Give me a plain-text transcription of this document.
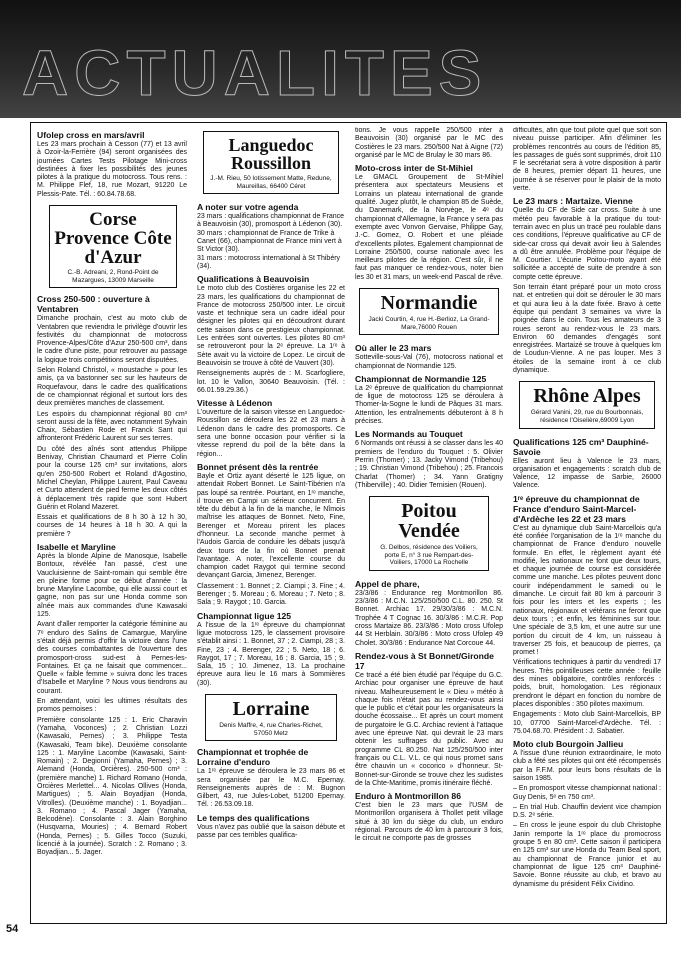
ACTUALITES
Ufolep cross en mars/avril

Les 23 mars prochain à Cesson (77) et 13 avril à Ozoir-la-Ferrière (94) seront organisées des journées Cartes Tests Pilotage Mini-cross destinées à fixer les possibilités des jeunes pilotes à la pratique du motocross. Tous rens. : M. Philippe Flef, 18, rue Mozart, 91220 Le Plessis-Pate. Tél. : 60.84.78.68.

Corse Provence Côte d'Azur
C.-B. Adreani, 2, Rond-Point de Mazargues, 13009 Marseille
Cross 250-500 : ouverture à Ventabren

Dimanche prochain, c'est au moto club de Ventabren que reviendra le privilège d'ouvrir les festivités du championnat de motocross Provence-Alpes/Côte d'Azur 250-500 cm³, dans le cadre d'une piste, pour retrouver au passage la logique trois compétitions seront disputées.

Selon Roland Christol, « moustache » pour les amis, ça va bastonner sec sur les hauteurs de Roquefavour, dans le cadre des qualifications de ce championnat régional et surtout lors des deux premières manches de classement.

Les espoirs du championnat régional 80 cm³ seront aussi de la fête, avec notamment Sylvain Chaix, Sébastien Rode et Franck Sant qui affronteront Frédéric Laurent sur ses terres.

Du côté des aînés sont attendus Philippe Benivay, Christian Chaumard et Pierre Colin pour la course 125 cm³ sur invitations, alors qu'en 250-500 Robert et Roland d'Agostino, Michel Cheylan, Philippe Laurent, Paul Caveau et Curto attendent de pied ferme les deux côtés à déplacement très rapide que sont Hubert Guérin et Roland Mazeret.

Essais et qualifications de 8 h 30 à 12 h 30, courses de 14 heures à 18 h 30. A qui la première ?

Isabelle et Maryline

Après la blonde Alpine de Manosque, Isabelle Bontoux, révélée l'an passé, c'est une Vaucluisienne de Saint-romain qui semble être en pleine forme pour ce début d'année : la brune Maryline Lacombe, qui elle aussi court et gagne, non pas sur une Honda comme son aînée mais aux commandes d'une Kawasaki 125.

Avant d'aller remporter la catégorie féminine au 7ᵉ enduro des Salins de Camargue, Maryline s'était déjà permis d'offrir la victoire dans l'une des courses combattantes de l'ouverture des promosport-cross sud-est à Pernes-les-Fontaines. Et ça ne faisait que commencer... Quelle « faible femme » suivra donc les traces d'Isabelle et Maryline ? Nous vous tiendrons au courant.

En attendant, voici les ultimes résultats des promos pernoises :

Première consolante 125 : 1. Eric Charavin (Yamaha, Voconces) ; 2. Christian Lozzi (Kawasaki, Pernes) ; 3. Philippe Testa (Kawasaki, Team bike). Deuxième consolante 125 : 1. Maryline Lacombe (Kawasaki, Saint-Romain) ; 2. Degionni (Yamaha, Pernes) ; 3. Alemand (Honda, Orcières). 250-500 cm³ : (première manche) 1. Richard Romano (Honda, Orcières Merlettel... 4. Nicolas Ollives (Honda, Martigues) ; 5. Alain Boyadjian (Honda, Vitrolles). (Deuxième manche) : 1. Boyadjian... 3. Romano ; 4. Pascal Jager (Yamaha, Belcodène). Consolante : 3. Alain Borghino (Husqvarna, Mouries) ; 4. Bernard Robert (Honda, Pernes) ; 5. Gilles Tocco (Suzuki, licencié à la journée). Scratch : 2. Romano ; 3. Boyadjian... 5. Jager.

Languedoc Roussillon
J.-M. Rieu, 50 lotissement Matte, Redune, Maureillas, 66400 Céret
A noter sur votre agenda

23 mars : qualifications championnat de France à Beauvoisin (30), promosport à Lédenon (30).
30 mars : championnat de France de Trike à Canet (66), championnat de France mini vert à St Victor (30).
31 mars : motocross international à St Thibéry (34).

Qualifications à Beauvoisin

Le moto club des Costières organise les 22 et 23 mars, les qualifications du championnat de France de motocross 250/500 inter. Le circuit vaste et technique sera un cadre idéal pour désigner les pilotes qui en découdront durant cette saison dans ce prestigieux championnat. Les entrées sont ouvertes. Les pilotes 80 cm³ se retrouveront pour la 2ᵉ épreuve. La 1ʳᵉ à Sète avait vu la victoire de Lopez. Le circuit de Beauvoisin se trouve à côté de Vauvert (30).

Renseignements auprès de : M. Scarfogliere, lot. 10 le Vallon, 30640 Beauvoisin. (Tél. : 66.01.59.29.36.)

Vitesse à Lédenon

L'ouverture de la saison vitesse en Languedoc-Roussillon se déroulera les 22 et 23 mars à Lédenon dans le cadre des promosports. Ce sera une bonne occasion pour vérifier si la vitesse reprend du poil de la bête dans la région...

Bonnet présent dès la rentrée

Bayle et Ortiz ayant déserté le 125 ligue, on attendait Robert Bonnet. Le Saint-Tibérien n'a pas loupé sa rentrée. Pourtant, en 1ʳᵉ manche, il trouve en Campi un sérieux concurrent. En tête du début à la fin de la manche, le Nîmois maîtrise les attaques de Bonnet. Neto, Fine, Berenger et Moreau prirent les places d'honneur. La seconde manche permet à l'Audois Garcia de conduire les débats jusqu'à deux tours de la fin où Bonnet prenait l'avantage. A noter, l'excellente course du champion cadet Raygot qui termine second devançant Garcia, Jimenez, Berenger.

Classement : 1. Bonnet ; 2. Ciampi ; 3. Fine ; 4. Berenger ; 5. Moreau ; 6. Moreau ; 7. Neto ; 8. Sala ; 9. Raygot ; 10. Garcia.

Championnat ligue 125

A l'issue de la 1ʳᵉ épreuve du championnat ligue motocross 125, le classement provisoire s'établit ainsi : 1. Bonnet, 37 ; 2. Ciampi, 28 ; 3. Fine, 23 ; 4. Berenger, 22 ; 5. Neto, 18 ; 6. Raygot, 17 ; 7. Moreau, 16 ; 8. Garcia, 15 ; 9. Sala, 15 ; 10. Jimenez, 13. La prochaine épreuve aura lieu le 16 mars à Sommières (30).

Lorraine
Denis Maffre, 4, rue Charles-Richet, 57050 Metz
Championnat et trophée de Lorraine d'enduro

La 1ʳᵉ épreuve se déroulera le 23 mars 86 et sera organisée par le M.C. Epernay. Renseignements auprès de : M. Bugnon Gilbert, 43, rue Jules-Lobet, 51200 Epernay. Tél. : 26.53.09.18.

Le temps des qualifications

Vous n'avez pas oublié que la saison débute et passe par ces terribles qualifica-

tions. Je vous rappelle 250/500 inter à Beauvoisin (30) organisé par le MC des Costières le 23 mars. 250/500 Nat à Aigne (72) organisé par le MC de Brulay le 30 mars 86.

Moto-cross inter de St-Mihiel

Le GMACL Groupement de St-Mihiel présentera aux spectateurs Meusiens et Lorrains un plateau international de grande qualité. Jugez plutôt, le champion 85 de Suède, du Danemark, de la Norvège, le 4ᵉ du championnat d'Allemagne, la France y sera pas exempte avec Vonvon Gervaise, Philippe Gay, J.-C. Gomez, O. Robert et une pléiade d'excellents pilotes. Egalement championnat de Lorraine 250/500, course nationale avec les meilleurs pilotes de la région. C'est sûr, il ne faut pas manquer ce rendez-vous, noter bien les 30 et 31 mars, un week-end Pascal de rêve.

Normandie
Jacki Courtin, 4, rue H.-Berlioz, La Grand-Mare,76000 Rouen
Où aller le 23 mars

Sotteville-sous-Val (76), motocross national et championnat de Normandie 125.

Championnat de Normandie 125

La 2ᵉ épreuve de qualification du championnat de ligue de motocross 125 se déroulera à Thomer-la-Sogne le lundi de Pâques 31 mars. Attention, les entraînements débuteront à 8 h précises.

Les Normands au Touquet

6 Normands ont réussi à se classer dans les 40 premiers de l'enduro du Touquet : 5. Olivier Perrin (Thomer) ; 13. Jacky Vimond (Tribehou) ; 19. Christian Vimond (Tribehou) ; 25. Francois Charlat (Thomer) ; 34. Yann Gratigny (Thiberville) ; 40. Didier Ternisien (Rouen).

Poitou Vendée
G. Delbos, résidence des Voiliers, porte E, n° 3 rue Rempart-des-Voiliers, 17000 La Rochelle
Appel de phare,

23/3/86 : Endurance reg Montmorillon 86. 23/3/86 : M.C.N. 125/250/500 C.L. 80. 250. St Bonnet. Archiac 17. 29/30/3/86 : M.C.N. Trophée 4 T Cognac 16. 30/3/86 : M.C.R. Pop cross Martaize 86. 23/3/86 : Moto cross Ufolep 44 St Herblain. 30/3/86 : Moto cross Ufolep 49 Cholet. 30/3/86 : Endurance Nat Corcoue 44.

Rendez-vous à St Bonnet/Gironde 17

Ce tracé a été bien étudié par l'équipe du G.C. Archiac pour organiser une épreuve de haut niveau. Malheureusement le « Dieu » météo à chaque fois n'était pas au rendez-vous ainsi que le public et c'était pour les organisateurs la douche écossaise... Et après un court moment de purgatoire le G.C. Archiac revient à l'attaque avec une épreuve Nat. qui devrait le 23 mars obtenir les suffrages du public. Avec au programme CL 80.250. Nat 125/250/500 inter français ou C.L. V.L. ce qui nous promet sans être chauvin un « cocorico » d'honneur. St-Bonnet-sur-Gironde se trouve chez les sudistes de la Chte-Maritime, promis itinéraire fléché.

Enduro à Montmorillon 86

C'est bien le 23 mars que l'USM de Montmorillon organisera à Thollet petit village situé à 30 km du siège du club, un enduro régional. Parcours de 40 km à parcourir 3 fois, le circuit ne comporte pas de grosses

difficultés, afin que tout pilote quel que soit son niveau puisse participer. Afin d'éliminer les problèmes rencontrés au cours de l'édition 85, les passages de gués sont supprimés, droit 110 F le secrétariat sera à votre disposition à partir de 8 heures, premier départ 11 heures, une journée à se réserver pour le plaisir de la moto verte.

Le 23 mars : Martaize. Vienne

Quelle du CF de Side car cross. Suite à une météo peu favorable à la pratique du tout-terrain avec en plus un tracé peu roulable dans ces conditions, l'épreuve qualificative au CF de side-car cross qui devait avoir lieu à Salendes a dû être annulée. Problème pour l'équipe de M. Courtier. L'écurie Poitou-moto ayant été sollicitée a accepté de suite de prendre à son compte cette épreuve.

Son terrain étant préparé pour un moto cross nat. et entretien qui doit se dérouler le 30 mars et qui aura lieu à la date fixée. Bravo à cette équipe qui pendant 3 semaines va vivre la poignée dans le coin. Tous les amateurs de 3 roues seront au rendez-vous le 23 mars. Environ 60 demandes d'engagés sont enregistrées. Martaizé se trouve à quelques km de Loudun-Vienne. A ne pas louper. Mes 3 étoiles de la semaine iront à ce club dynamique.

Rhône Alpes
Gérard Vanini, 29, rue du Bourbonnais, résidence l'Oiselière,69009 Lyon
Qualifications 125 cm³ Dauphiné-Savoie

Elles auront lieu à Valence le 23 mars, organisation et engagements : scratch club de Valence, 12 impasse de Sarbie, 26000 Valence.

1ʳᵉ épreuve du championnat de France d'enduro Saint-Marcel-d'Ardèche les 22 et 23 mars

C'est au dynamique club Saint-Marcellois qu'a été confiée l'organisation de la 1ʳᵉ manche du championnat de France d'enduro nouvelle formule. En effet, le règlement ayant été modifié, les nationaux ne font que deux tours, et chaque journée de course est considérée comme une manche. Les pilotes peuvent donc courir indépendamment le samedi ou le dimanche. Le circuit fait 80 km à parcourir 3 fois pour les inters et les experts ; les nationaux, régionaux et vétérans ne feront que deux tours ; et enfin, les féminines sur tour. Une spéciale de 3,5 km, et une autre sur une portion du circuit de 4 km, un ruisseau à traverser 25 fois, et beaucoup de pierres, ça promet !

Vérifications techniques à partir du vendredi 17 heures. Très pointilleuses cette année : feuille des mines obligatoire, contrôles renforcés : poids, bruit, homologation. Les régionaux prendront le départ en fonction du nombre de places disponibles : 350 pilotes maximum.

Engagements : Moto club Saint-Marcellois, BP 10, 07700 Saint-Marcel-d'Ardèche. Tél. : 75.04.68.70. Président : J. Sabatier.

Moto club Bourgoin Jallieu

A l'issue d'une réunion extraordinaire, le moto club a fêté ses pilotes qui ont été récompensés par la F.F.M. pour leurs bons résultats de la saison 1985.

– En promosport vitesse championnat national : Guy Denis, 5ᵉ en 750 cm³.

– En trial Hub. Chauffin devient vice champion D.S. 2ᵉ série.

– En cross le jeune espoir du club Christophe Janin remporte la 1ʳᵉ place du promocross groupe 5 en 80 cm³. Cette saison il participera en 125 cm³ sur une Honda du Team Beal sport, au championnat de France junior et au championnat de ligue 125 cm³ Dauphiné-Savoie. Bonne réussite au club, et bravo au dynamisme du président Félix Cividino.

54
